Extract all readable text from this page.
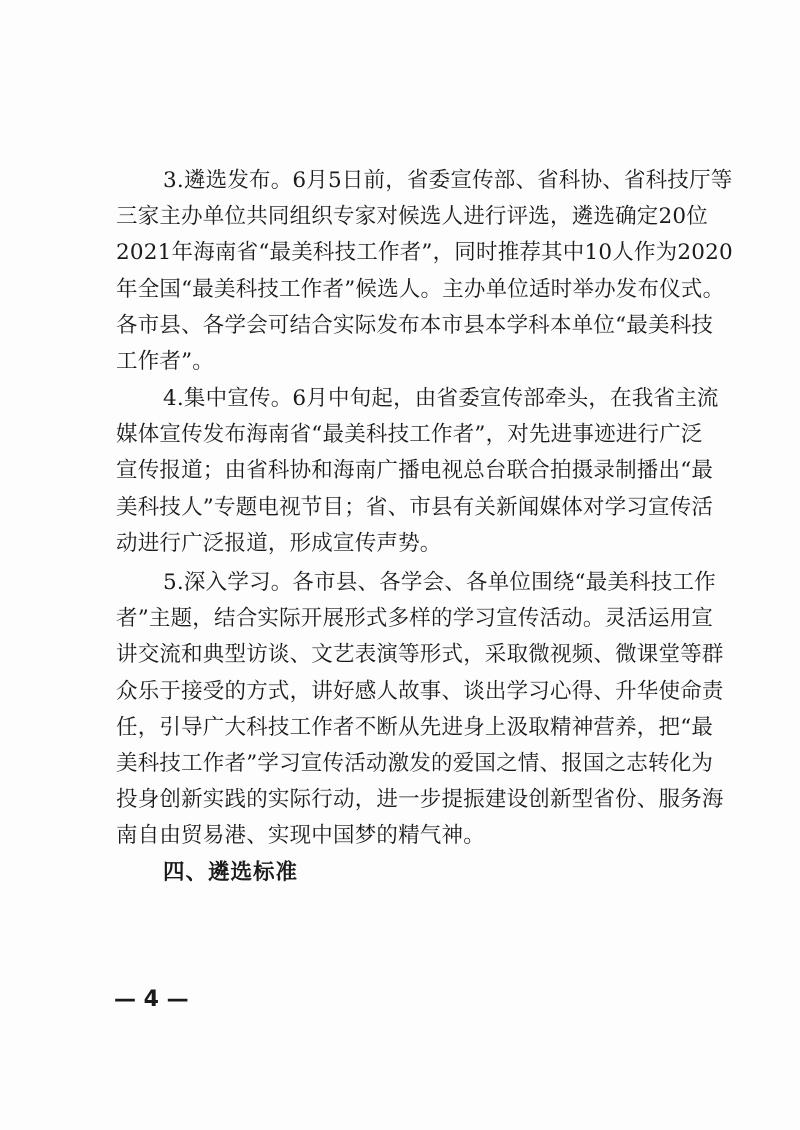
3.遴选发布。6月5日前，省委宣传部、省科协、省科技厅等
三家主办单位共同组织专家对候选人进行评选，遴选确定20位
2021年海南省“最美科技工作者”，同时推荐其中10人作为2020
年全国“最美科技工作者”候选人。主办单位适时举办发布仪式。
各市县、各学会可结合实际发布本市县本学科本单位“最美科技
工作者”。
4.集中宣传。6月中旬起，由省委宣传部牵头，在我省主流
媒体宣传发布海南省“最美科技工作者”，对先进事迹进行广泛
宣传报道；由省科协和海南广播电视总台联合拍摄录制播出“最
美科技人”专题电视节目；省、市县有关新闻媒体对学习宣传活
动进行广泛报道，形成宣传声势。
5.深入学习。各市县、各学会、各单位围绕“最美科技工作
者”主题，结合实际开展形式多样的学习宣传活动。灵活运用宣
讲交流和典型访谈、文艺表演等形式，采取微视频、微课堂等群
众乐于接受的方式，讲好感人故事、谈出学习心得、升华使命责
任，引导广大科技工作者不断从先进身上汲取精神营养，把“最
美科技工作者”学习宣传活动激发的爱国之情、报国之志转化为
投身创新实践的实际行动，进一步提振建设创新型省份、服务海
南自由贸易港、实现中国梦的精气神。
四、遴选标准
— 4 —
